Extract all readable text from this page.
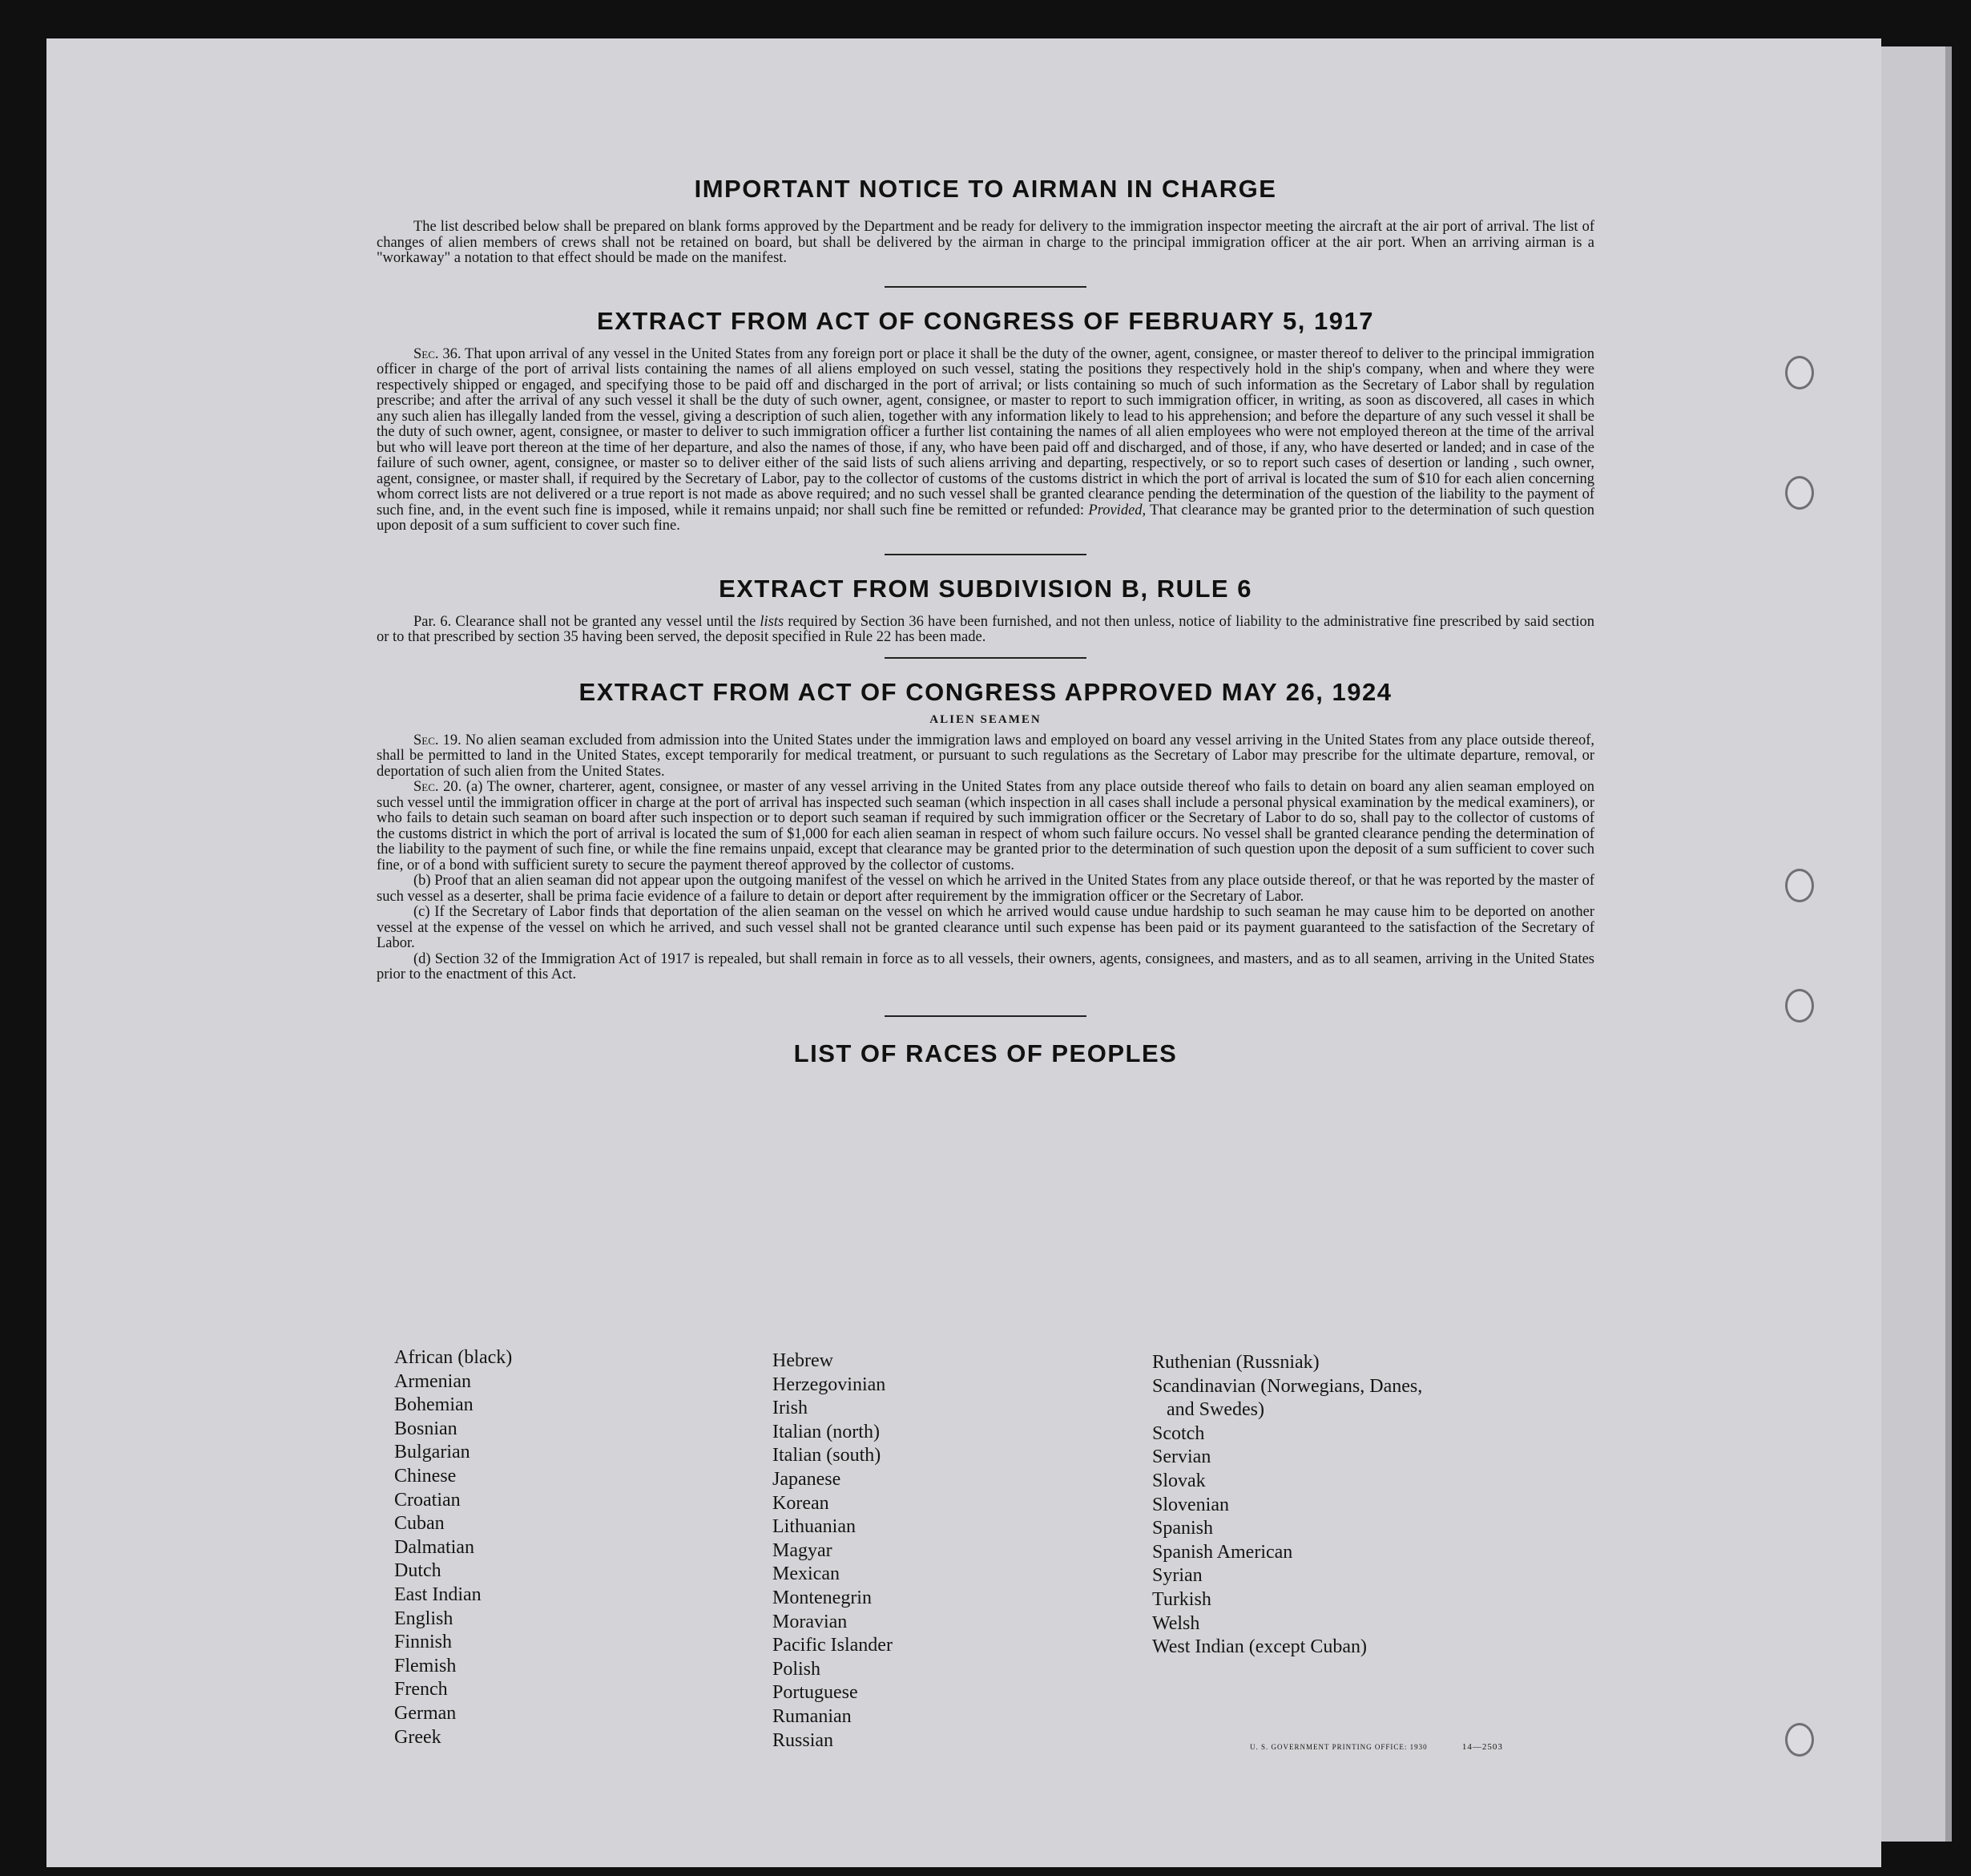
IMPORTANT NOTICE TO AIRMAN IN CHARGE

The list described below shall be prepared on blank forms approved by the Department and be ready for delivery to the immigration inspector meeting the aircraft at the air port of arrival. The list of changes of alien members of crews shall not be retained on board, but shall be delivered by the airman in charge to the principal immigration officer at the air port. When an arriving airman is a "workaway" a notation to that effect should be made on the manifest.

EXTRACT FROM ACT OF CONGRESS OF FEBRUARY 5, 1917

Sec. 36. That upon arrival of any vessel in the United States from any foreign port or place it shall be the duty of the owner, agent, consignee, or master thereof to deliver to the principal immigration officer in charge of the port of arrival lists containing the names of all aliens employed on such vessel, stating the positions they respectively hold in the ship's company, when and where they were respectively shipped or engaged, and specifying those to be paid off and discharged in the port of arrival; or lists containing so much of such information as the Secretary of Labor shall by regulation prescribe; and after the arrival of any such vessel it shall be the duty of such owner, agent, consignee, or master to report to such immigration officer, in writing, as soon as discovered, all cases in which any such alien has illegally landed from the vessel, giving a description of such alien, together with any information likely to lead to his apprehension; and before the departure of any such vessel it shall be the duty of such owner, agent, consignee, or master to deliver to such immigration officer a further list containing the names of all alien employees who were not employed thereon at the time of the arrival but who will leave port thereon at the time of her departure, and also the names of those, if any, who have been paid off and discharged, and of those, if any, who have deserted or landed; and in case of the failure of such owner, agent, consignee, or master so to deliver either of the said lists of such aliens arriving and departing, respectively, or so to report such cases of desertion or landing , such owner, agent, consignee, or master shall, if required by the Secretary of Labor, pay to the collector of customs of the customs district in which the port of arrival is located the sum of $10 for each alien concerning whom correct lists are not delivered or a true report is not made as above required; and no such vessel shall be granted clearance pending the determination of the question of the liability to the payment of such fine, and, in the event such fine is imposed, while it remains unpaid; nor shall such fine be remitted or refunded: Provided, That clearance may be granted prior to the determination of such question upon deposit of a sum sufficient to cover such fine.

EXTRACT FROM SUBDIVISION B, RULE 6

Par. 6. Clearance shall not be granted any vessel until the lists required by Section 36 have been furnished, and not then unless, notice of liability to the administrative fine prescribed by said section or to that prescribed by section 35 having been served, the deposit specified in Rule 22 has been made.

EXTRACT FROM ACT OF CONGRESS APPROVED MAY 26, 1924
ALIEN SEAMEN

Sec. 19. No alien seaman excluded from admission into the United States under the immigration laws and employed on board any vessel arriving in the United States from any place outside thereof, shall be permitted to land in the United States, except temporarily for medical treatment, or pursuant to such regulations as the Secretary of Labor may prescribe for the ultimate departure, removal, or deportation of such alien from the United States.

Sec. 20. (a) The owner, charterer, agent, consignee, or master of any vessel arriving in the United States from any place outside thereof who fails to detain on board any alien seaman employed on such vessel until the immigration officer in charge at the port of arrival has inspected such seaman (which inspection in all cases shall include a personal physical examination by the medical examiners), or who fails to detain such seaman on board after such inspection or to deport such seaman if required by such immigration officer or the Secretary of Labor to do so, shall pay to the collector of customs of the customs district in which the port of arrival is located the sum of $1,000 for each alien seaman in respect of whom such failure occurs. No vessel shall be granted clearance pending the determination of the liability to the payment of such fine, or while the fine remains unpaid, except that clearance may be granted prior to the determination of such question upon the deposit of a sum sufficient to cover such fine, or of a bond with sufficient surety to secure the payment thereof approved by the collector of customs.

(b) Proof that an alien seaman did not appear upon the outgoing manifest of the vessel on which he arrived in the United States from any place outside thereof, or that he was reported by the master of such vessel as a deserter, shall be prima facie evidence of a failure to detain or deport after requirement by the immigration officer or the Secretary of Labor.

(c) If the Secretary of Labor finds that deportation of the alien seaman on the vessel on which he arrived would cause undue hardship to such seaman he may cause him to be deported on another vessel at the expense of the vessel on which he arrived, and such vessel shall not be granted clearance until such expense has been paid or its payment guaranteed to the satisfaction of the Secretary of Labor.

(d) Section 32 of the Immigration Act of 1917 is repealed, but shall remain in force as to all vessels, their owners, agents, consignees, and masters, and as to all seamen, arriving in the United States prior to the enactment of this Act.

LIST OF RACES OF PEOPLES
African (black)
Armenian
Bohemian
Bosnian
Bulgarian
Chinese
Croatian
Cuban
Dalmatian
Dutch
East Indian
English
Finnish
Flemish
French
German
Greek
Hebrew
Herzegovinian
Irish
Italian (north)
Italian (south)
Japanese
Korean
Lithuanian
Magyar
Mexican
Montenegrin
Moravian
Pacific Islander
Polish
Portuguese
Rumanian
Russian
Ruthenian (Russniak)
Scandinavian (Norwegians, Danes,
and Swedes)
Scotch
Servian
Slovak
Slovenian
Spanish
Spanish American
Syrian
Turkish
Welsh
West Indian (except Cuban)
U. S. GOVERNMENT PRINTING OFFICE: 1930	14—2503
